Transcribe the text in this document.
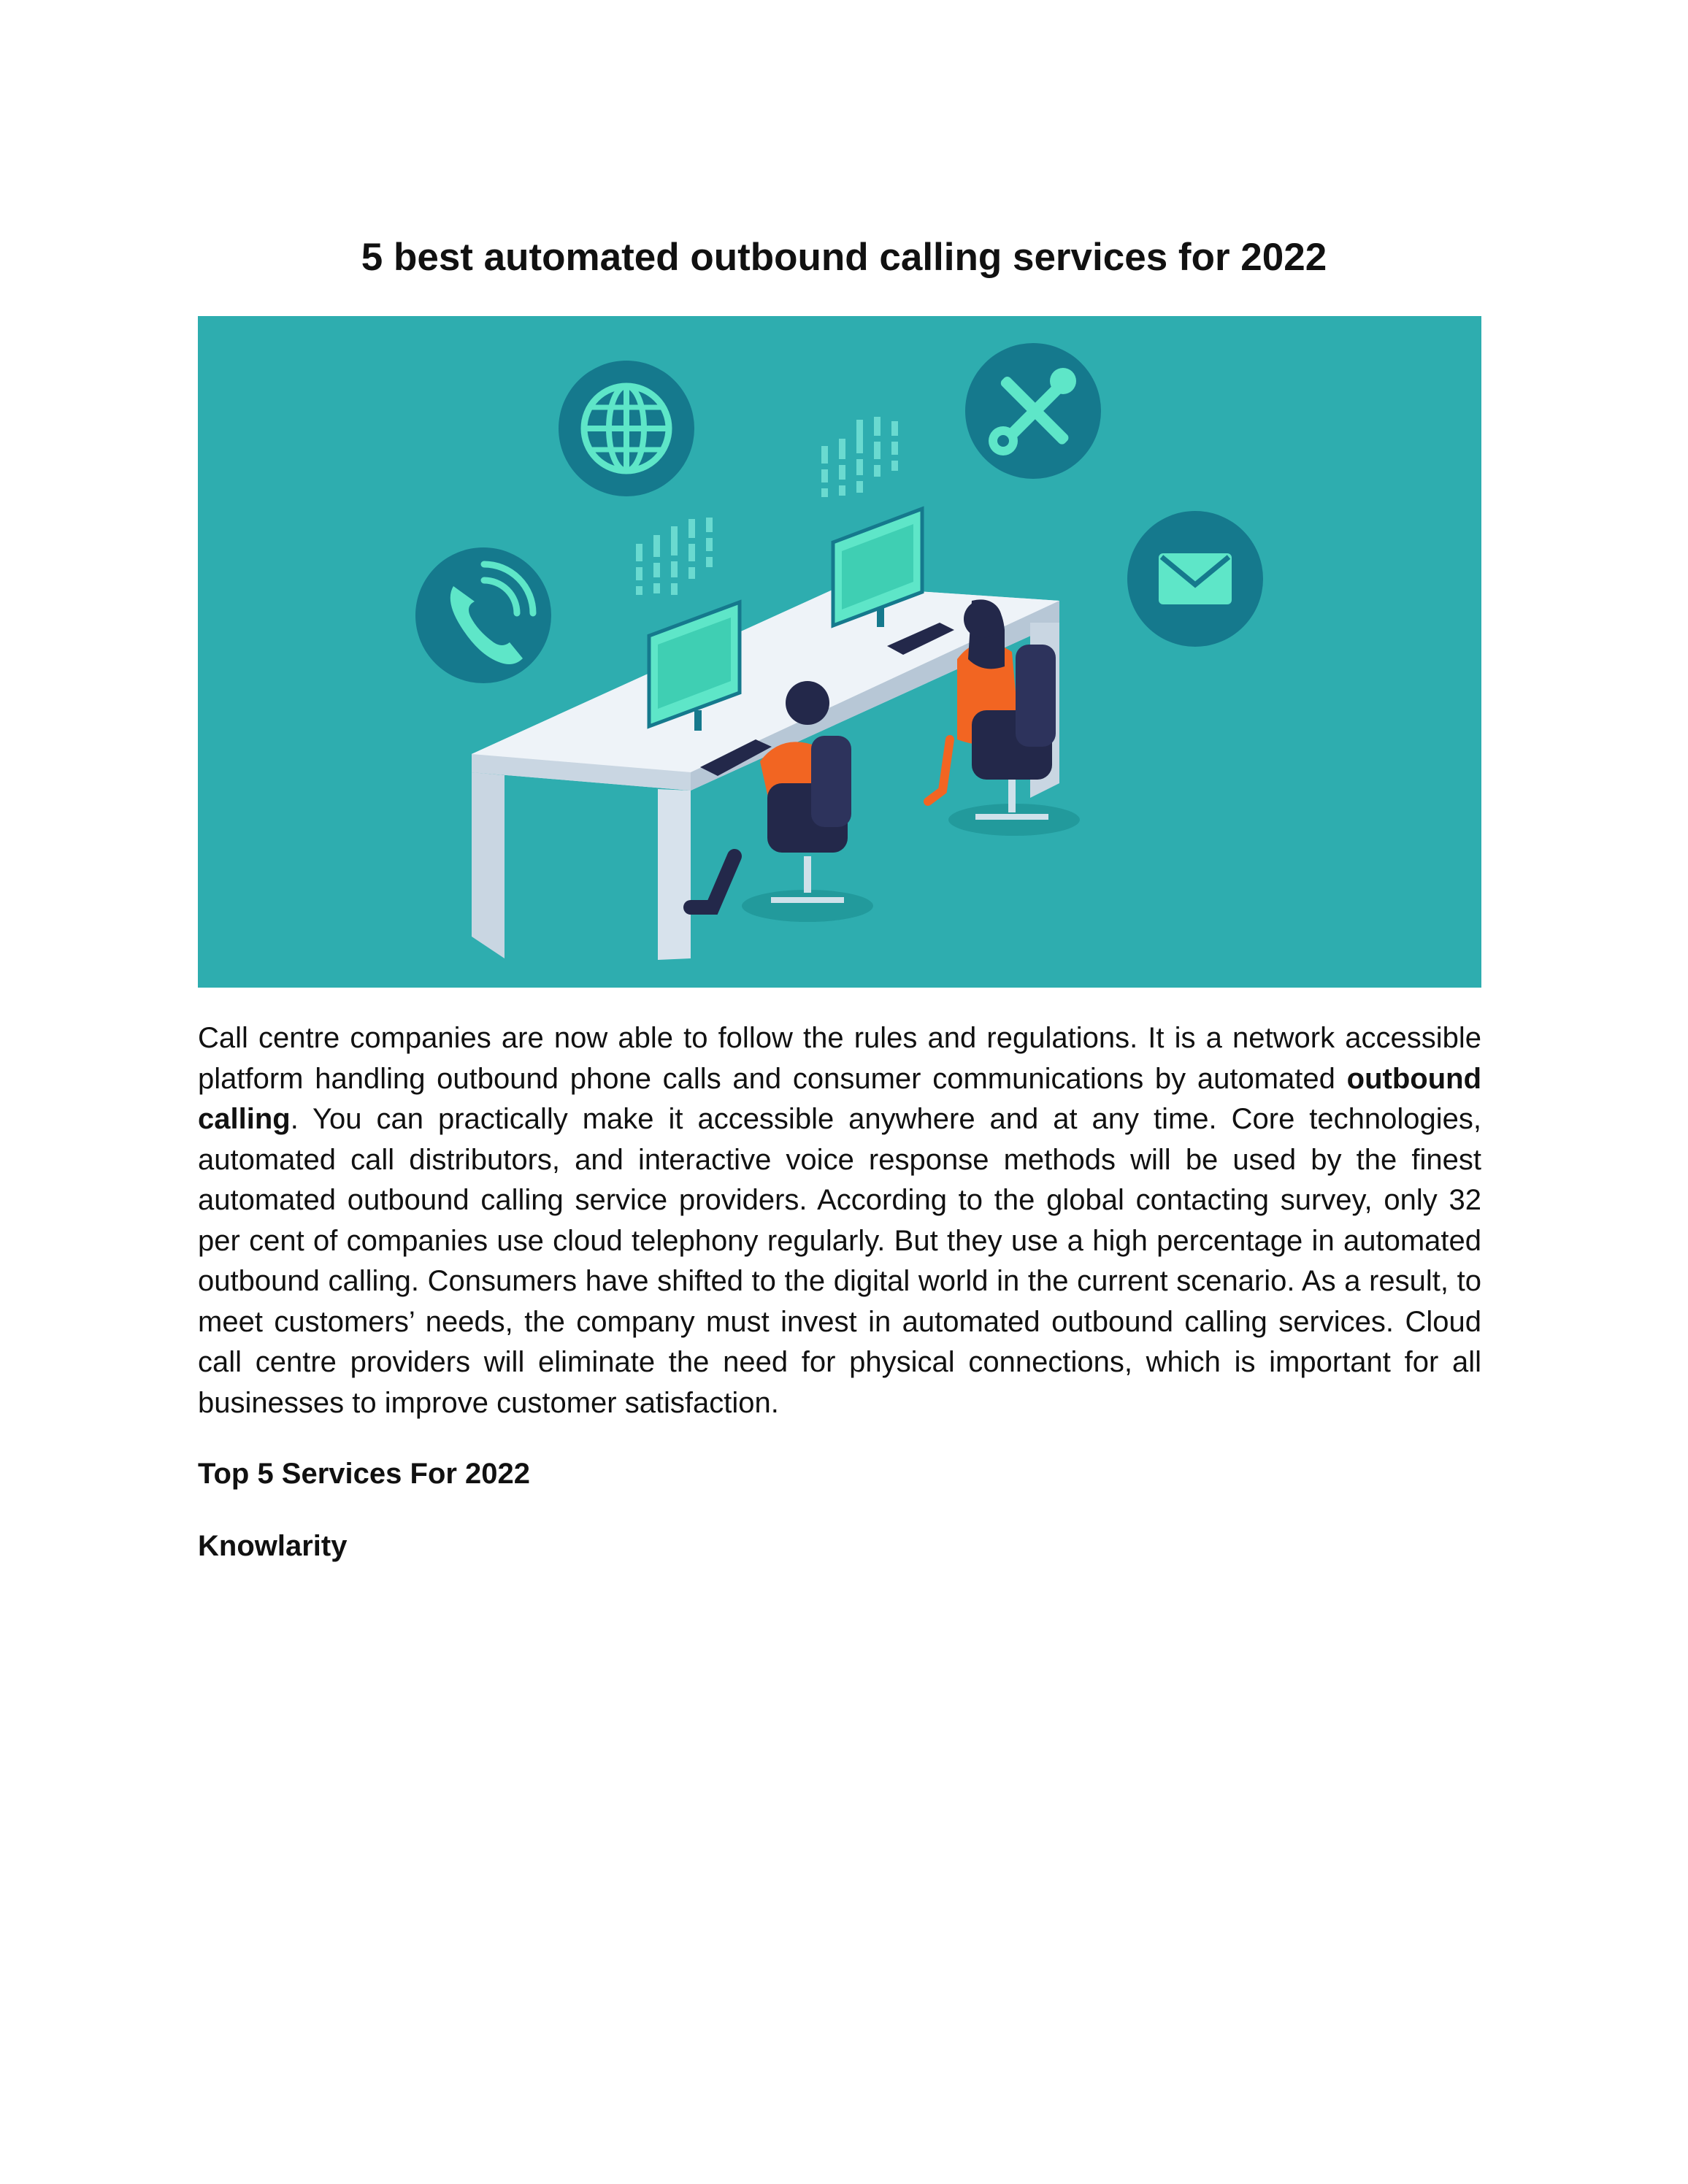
5 best automated outbound calling services for 2022

Call centre companies are now able to follow the rules and regulations. It is a network accessible platform handling outbound phone calls and consumer communications by automated outbound calling. You can practically make it accessible anywhere and at any time. Core technologies, automated call distributors, and interactive voice response methods will be used by the finest automated outbound calling service providers. According to the global contacting survey, only 32 per cent of companies use cloud telephony regularly. But they use a high percentage in automated outbound calling. Consumers have shifted to the digital world in the current scenario. As a result, to meet customers’ needs, the company must invest in automated outbound calling services. Cloud call centre providers will eliminate the need for physical connections, which is important for all businesses to improve customer satisfaction.

Top 5 Services For 2022
Knowlarity
